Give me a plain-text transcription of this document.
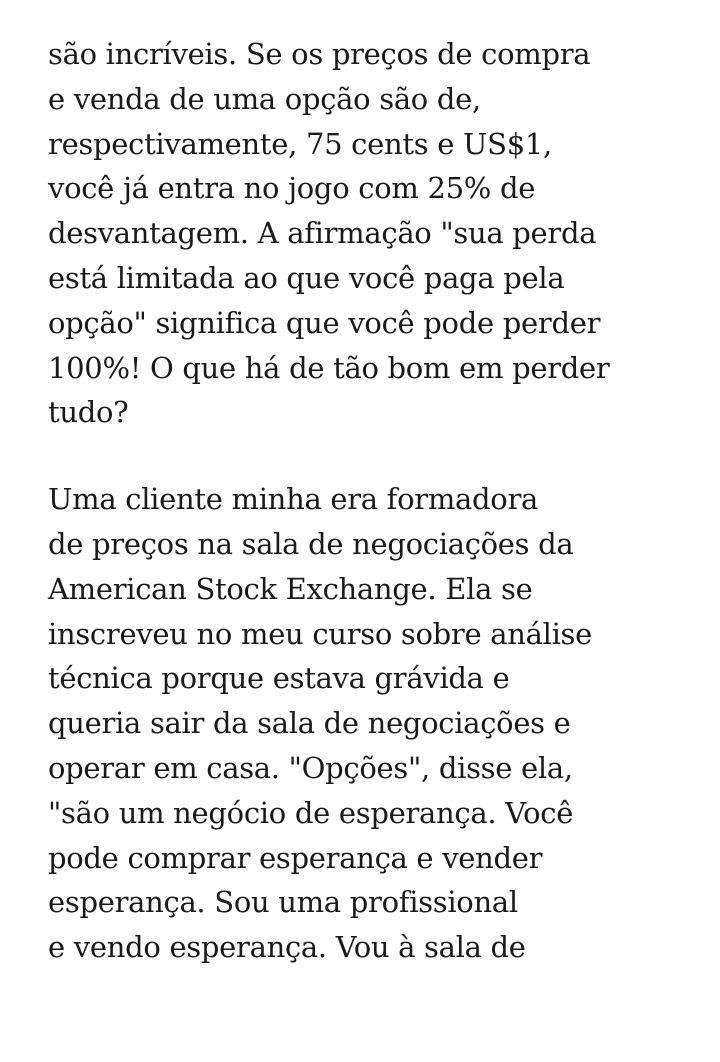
são incríveis. Se os preços de compra
e venda de uma opção são de,
respectivamente, 75 cents e US$1,
você já entra no jogo com 25% de
desvantagem. A afirmação "sua perda
está limitada ao que você paga pela
opção" significa que você pode perder
100%! O que há de tão bom em perder
tudo?
Uma cliente minha era formadora
de preços na sala de negociações da
American Stock Exchange. Ela se
inscreveu no meu curso sobre análise
técnica porque estava grávida e
queria sair da sala de negociações e
operar em casa. "Opções", disse ela,
"são um negócio de esperança. Você
pode comprar esperança e vender
esperança. Sou uma profissional
e vendo esperança. Vou à sala de
